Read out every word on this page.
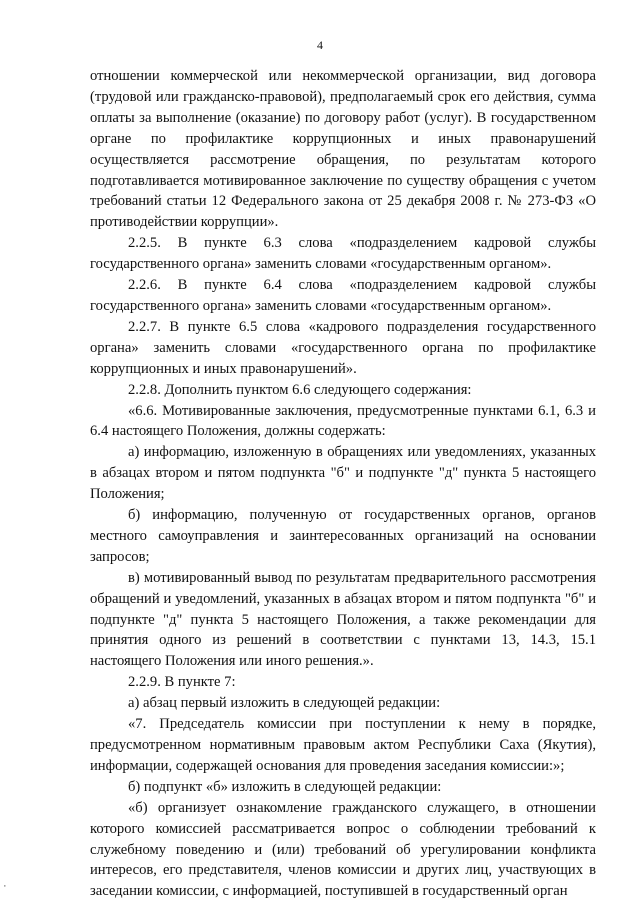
4

отношении коммерческой или некоммерческой организации, вид договора (трудовой или гражданско-правовой), предполагаемый срок его действия, сумма оплаты за выполнение (оказание) по договору работ (услуг). В государственном органе по профилактике коррупционных и иных правонарушений осуществляется рассмотрение обращения, по результатам которого подготавливается мотивированное заключение по существу обращения с учетом требований статьи 12 Федерального закона от 25 декабря 2008 г. № 273-ФЗ «О противодействии коррупции».

2.2.5. В пункте 6.3 слова «подразделением кадровой службы государственного органа» заменить словами «государственным органом».

2.2.6. В пункте 6.4 слова «подразделением кадровой службы государственного органа» заменить словами «государственным органом».

2.2.7. В пункте 6.5 слова «кадрового подразделения государственного органа» заменить словами «государственного органа по профилактике коррупционных и иных правонарушений».

2.2.8. Дополнить пунктом 6.6 следующего содержания:

«6.6. Мотивированные заключения, предусмотренные пунктами 6.1, 6.3 и 6.4 настоящего Положения, должны содержать:

а) информацию, изложенную в обращениях или уведомлениях, указанных в абзацах втором и пятом подпункта "б" и подпункте "д" пункта 5 настоящего Положения;

б) информацию, полученную от государственных органов, органов местного самоуправления и заинтересованных организаций на основании запросов;

в) мотивированный вывод по результатам предварительного рассмотрения обращений и уведомлений, указанных в абзацах втором и пятом подпункта "б" и подпункте "д" пункта 5 настоящего Положения, а также рекомендации для принятия одного из решений в соответствии с пунктами 13, 14.3, 15.1 настоящего Положения или иного решения.».

2.2.9. В пункте 7:

а) абзац первый изложить в следующей редакции:

«7. Председатель комиссии при поступлении к нему в порядке, предусмотренном нормативным правовым актом Республики Саха (Якутия), информации, содержащей основания для проведения заседания комиссии:»;

б) подпункт «б» изложить в следующей редакции:

«б) организует ознакомление гражданского служащего, в отношении которого комиссией рассматривается вопрос о соблюдении требований к служебному поведению и (или) требований об урегулировании конфликта интересов, его представителя, членов комиссии и других лиц, участвующих в заседании комиссии, с информацией, поступившей в государственный орган

·
